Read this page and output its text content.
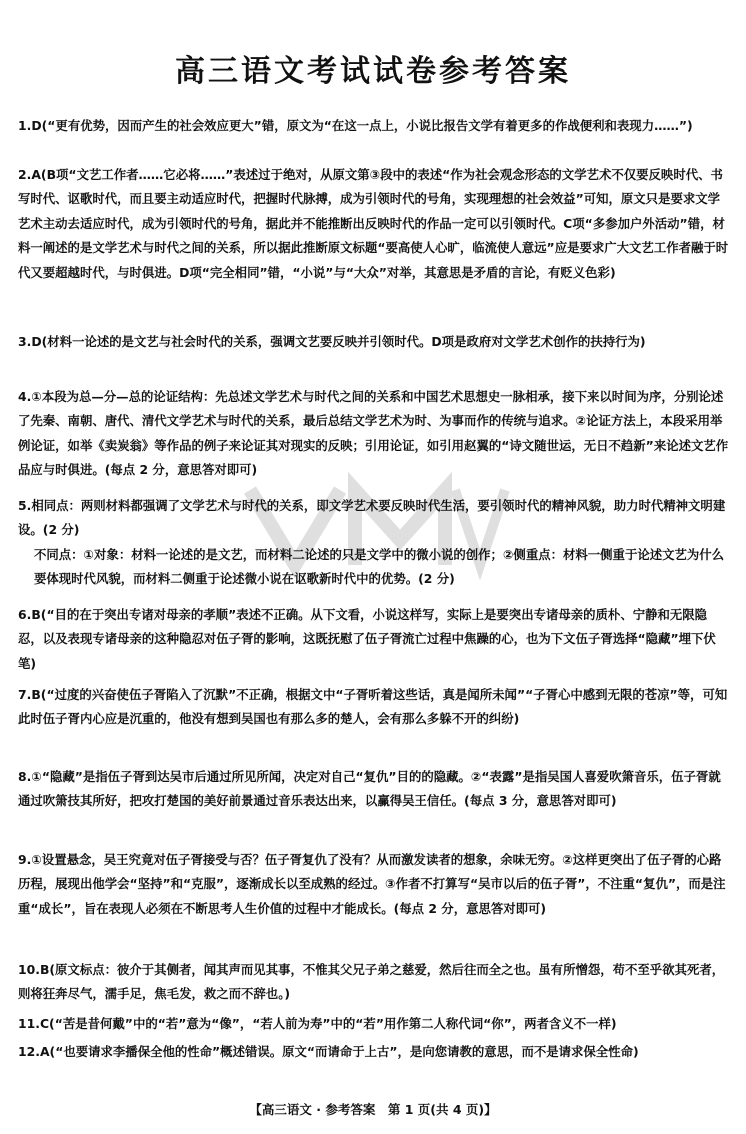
高三语文考试试卷参考答案
1.D(“更有优势，因而产生的社会效应更大”错，原文为“在这一点上，小说比报告文学有着更多的作战便利和表现力……”)
2.A(B项“文艺工作者……它必将……”表述过于绝对，从原文第③段中的表述“作为社会观念形态的文学艺术不仅要反映时代、书写时代、讴歌时代，而且要主动适应时代，把握时代脉搏，成为引领时代的号角，实现理想的社会效益”可知，原文只是要求文学艺术主动去适应时代，成为引领时代的号角，据此并不能推断出反映时代的作品一定可以引领时代。C项“多参加户外活动”错，材料一阐述的是文学艺术与时代之间的关系，所以据此推断原文标题“要高使人心旷，临流使人意远”应是要求广大文艺工作者融于时代又要超越时代，与时俱进。D项“完全相同”错，“小说”与“大众”对举，其意思是矛盾的言论，有贬义色彩)
3.D(材料一论述的是文艺与社会时代的关系，强调文艺要反映并引领时代。D项是政府对文学艺术创作的扶持行为)
4.①本段为总—分—总的论证结构：先总述文学艺术与时代之间的关系和中国艺术思想史一脉相承，接下来以时间为序，分别论述了先秦、南朝、唐代、清代文学艺术与时代的关系，最后总结文学艺术为时、为事而作的传统与追求。②论证方法上，本段采用举例论证，如举《卖炭翁》等作品的例子来论证其对现实的反映；引用论证，如引用赵翼的“诗文随世运，无日不趋新”来论述文艺作品应与时俱进。(每点 2 分，意思答对即可)
5.相同点：两则材料都强调了文学艺术与时代的关系，即文学艺术要反映时代生活，要引领时代的精神风貌，助力时代精神文明建设。(2 分)
不同点：①对象：材料一论述的是文艺，而材料二论述的只是文学中的微小说的创作；②侧重点：材料一侧重于论述文艺为什么要体现时代风貌，而材料二侧重于论述微小说在讴歌新时代中的优势。(2 分)
6.B(“目的在于突出专诸对母亲的孝顺”表述不正确。从下文看，小说这样写，实际上是要突出专诸母亲的质朴、宁静和无限隐忍，以及表现专诸母亲的这种隐忍对伍子胥的影响，这既抚慰了伍子胥流亡过程中焦躁的心，也为下文伍子胥选择“隐藏”埋下伏笔)
7.B(“过度的兴奋使伍子胥陷入了沉默”不正确，根据文中“子胥听着这些话，真是闻所未闻”“子胥心中感到无限的苍凉”等，可知此时伍子胥内心应是沉重的，他没有想到吴国也有那么多的楚人，会有那么多躲不开的纠纷)
8.①“隐藏”是指伍子胥到达吴市后通过所见所闻，决定对自己“复仇”目的的隐藏。②“表露”是指吴国人喜爱吹箫音乐，伍子胥就通过吹箫技其所好，把攻打楚国的美好前景通过音乐表达出来，以赢得吴王信任。(每点 3 分，意思答对即可)
9.①设置悬念，吴王究竟对伍子胥接受与否？伍子胥复仇了没有？从而激发读者的想象，余味无穷。②这样更突出了伍子胥的心路历程，展现出他学会“坚持”和“克服”，逐渐成长以至成熟的经过。③作者不打算写“吴市以后的伍子胥”，不注重“复仇”，而是注重“成长”，旨在表现人必须在不断思考人生价值的过程中才能成长。(每点 2 分，意思答对即可)
10.B(原文标点：彼介于其侧者，闻其声而见其事，不惟其父兄子弟之慈爱，然后往而全之也。虽有所憎怨，苟不至乎欲其死者，则将狂奔尽气，濡手足，焦毛发，救之而不辞也。)
11.C(“苦是昔何戴”中的“若”意为“像”，“若人前为寿”中的“若”用作第二人称代词“你”，两者含义不一样)
12.A(“也要请求李播保全他的性命”概述错误。原文“而请命于上古”，是向您请教的意思，而不是请求保全性命)
【高三语文 · 参考答案　第 1 页(共 4 页)】
